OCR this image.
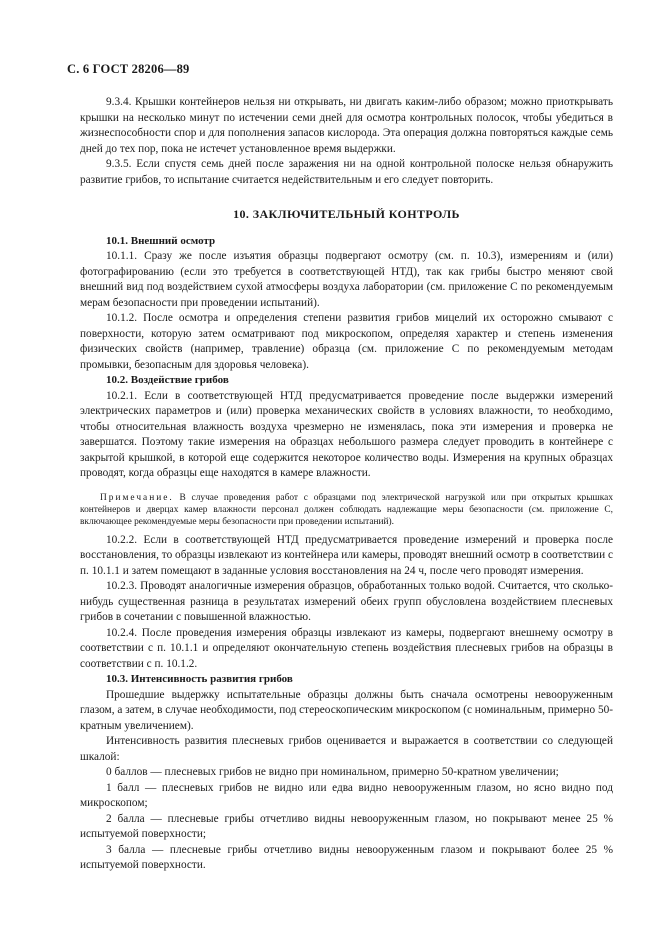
С. 6 ГОСТ 28206—89

9.3.4. Крышки контейнеров нельзя ни открывать, ни двигать каким-либо образом; можно приоткрывать крышки на несколько минут по истечении семи дней для осмотра контрольных полосок, чтобы убедиться в жизнеспособности спор и для пополнения запасов кислорода. Эта операция должна повторяться каждые семь дней до тех пор, пока не истечет установленное время выдержки.

9.3.5. Если спустя семь дней после заражения ни на одной контрольной полоске нельзя обнаружить развитие грибов, то испытание считается недействительным и его следует повторить.

10. ЗАКЛЮЧИТЕЛЬНЫЙ КОНТРОЛЬ

10.1. Внешний осмотр

10.1.1. Сразу же после изъятия образцы подвергают осмотру (см. п. 10.3), измерениям и (или) фотографированию (если это требуется в соответствующей НТД), так как грибы быстро меняют свой внешний вид под воздействием сухой атмосферы воздуха лаборатории (см. приложение С по рекомендуемым мерам безопасности при проведении испытаний).

10.1.2. После осмотра и определения степени развития грибов мицелий их осторожно смывают с поверхности, которую затем осматривают под микроскопом, определяя характер и степень изменения физических свойств (например, травление) образца (см. приложение С по рекомендуемым методам промывки, безопасным для здоровья человека).

10.2. Воздействие грибов

10.2.1. Если в соответствующей НТД предусматривается проведение после выдержки измерений электрических параметров и (или) проверка механических свойств в условиях влажности, то необходимо, чтобы относительная влажность воздуха чрезмерно не изменялась, пока эти измерения и проверка не завершатся. Поэтому такие измерения на образцах небольшого размера следует проводить в контейнере с закрытой крышкой, в которой еще содержится некоторое количество воды. Измерения на крупных образцах проводят, когда образцы еще находятся в камере влажности.

Примечание. В случае проведения работ с образцами под электрической нагрузкой или при открытых крышках контейнеров и дверцах камер влажности персонал должен соблюдать надлежащие меры безопасности (см. приложение С, включающее рекомендуемые меры безопасности при проведении испытаний).

10.2.2. Если в соответствующей НТД предусматривается проведение измерений и проверка после восстановления, то образцы извлекают из контейнера или камеры, проводят внешний осмотр в соответствии с п. 10.1.1 и затем помещают в заданные условия восстановления на 24 ч, после чего проводят измерения.

10.2.3. Проводят аналогичные измерения образцов, обработанных только водой. Считается, что сколько-нибудь существенная разница в результатах измерений обеих групп обусловлена воздействием плесневых грибов в сочетании с повышенной влажностью.

10.2.4. После проведения измерения образцы извлекают из камеры, подвергают внешнему осмотру в соответствии с п. 10.1.1 и определяют окончательную степень воздействия плесневых грибов на образцы в соответствии с п. 10.1.2.

10.3. Интенсивность развития грибов

Прошедшие выдержку испытательные образцы должны быть сначала осмотрены невооруженным глазом, а затем, в случае необходимости, под стереоскопическим микроскопом (с номинальным, примерно 50-кратным увеличением).

Интенсивность развития плесневых грибов оценивается и выражается в соответствии со следующей шкалой:

0 баллов — плесневых грибов не видно при номинальном, примерно 50-кратном увеличении;

1 балл — плесневых грибов не видно или едва видно невооруженным глазом, но ясно видно под микроскопом;

2 балла — плесневые грибы отчетливо видны невооруженным глазом, но покрывают менее 25 % испытуемой поверхности;

3 балла — плесневые грибы отчетливо видны невооруженным глазом и покрывают более 25 % испытуемой поверхности.
